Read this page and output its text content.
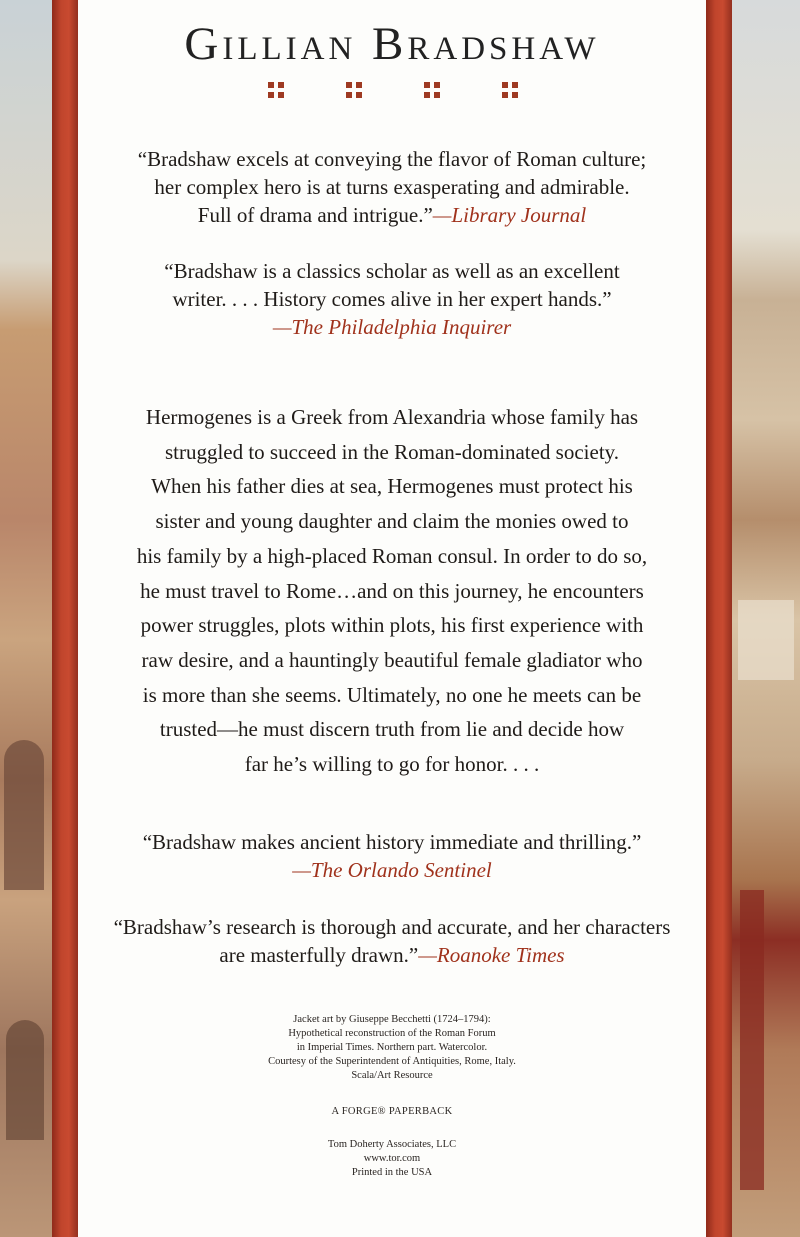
Gillian Bradshaw
“Bradshaw excels at conveying the flavor of Roman culture;
her complex hero is at turns exasperating and admirable.
Full of drama and intrigue.”—Library Journal
“Bradshaw is a classics scholar as well as an excellent
writer. . . . History comes alive in her expert hands.”
—The Philadelphia Inquirer
Hermogenes is a Greek from Alexandria whose family has
struggled to succeed in the Roman-dominated society.
When his father dies at sea, Hermogenes must protect his
sister and young daughter and claim the monies owed to
his family by a high-placed Roman consul. In order to do so,
he must travel to Rome…and on this journey, he encounters
power struggles, plots within plots, his first experience with
raw desire, and a hauntingly beautiful female gladiator who
is more than she seems. Ultimately, no one he meets can be
trusted—he must discern truth from lie and decide how
far he’s willing to go for honor. . . .
“Bradshaw makes ancient history immediate and thrilling.”
—The Orlando Sentinel
“Bradshaw’s research is thorough and accurate, and her characters
are masterfully drawn.”—Roanoke Times
Jacket art by Giuseppe Becchetti (1724–1794):
Hypothetical reconstruction of the Roman Forum
in Imperial Times. Northern part. Watercolor.
Courtesy of the Superintendent of Antiquities, Rome, Italy.
Scala/Art Resource
A FORGE® PAPERBACK
Tom Doherty Associates, LLC
www.tor.com
Printed in the USA
